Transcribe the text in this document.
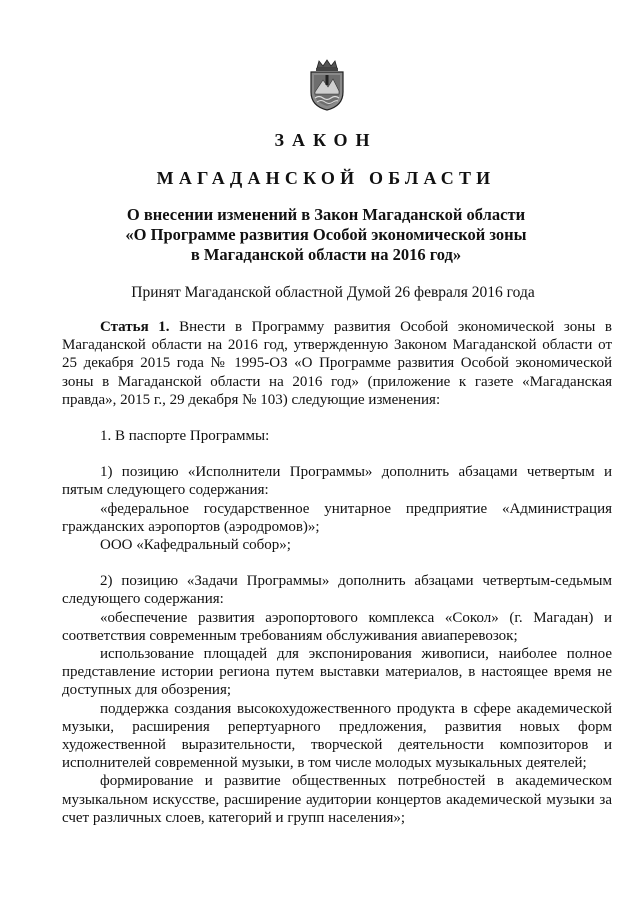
ЗАКОН
МАГАДАНСКОЙ ОБЛАСТИ
О внесении изменений в Закон Магаданской области
«О Программе развития Особой экономической зоны
в Магаданской области на 2016 год»
Принят Магаданской областной Думой 26 февраля 2016 года

Статья 1. Внести в Программу развития Особой экономической зоны в Магаданской области на 2016 год, утвержденную Законом Магаданской области от 25 декабря 2015 года № 1995-ОЗ «О Программе развития Особой экономической зоны в Магаданской области на 2016 год» (приложение к газете «Магаданская правда», 2015 г., 29 декабря № 103) следующие изменения:

1. В паспорте Программы:

1) позицию «Исполнители Программы» дополнить абзацами четвертым и пятым следующего содержания:

«федеральное государственное унитарное предприятие «Администрация гражданских аэропортов (аэродромов)»;

ООО «Кафедральный собор»;

2) позицию «Задачи Программы» дополнить абзацами четвертым-седьмым следующего содержания:

«обеспечение развития аэропортового комплекса «Сокол» (г. Магадан) и соответствия современным требованиям обслуживания авиаперевозок;

использование площадей для экспонирования живописи, наиболее полное представление истории региона путем выставки материалов, в настоящее время не доступных для обозрения;

поддержка создания высокохудожественного продукта в сфере академической музыки, расширения репертуарного предложения, развития новых форм художественной выразительности, творческой деятельности композиторов и исполнителей современной музыки, в том числе молодых музыкальных деятелей;

формирование и развитие общественных потребностей в академическом музыкальном искусстве, расширение аудитории концертов академической музыки за счет различных слоев, категорий и групп населения»;
